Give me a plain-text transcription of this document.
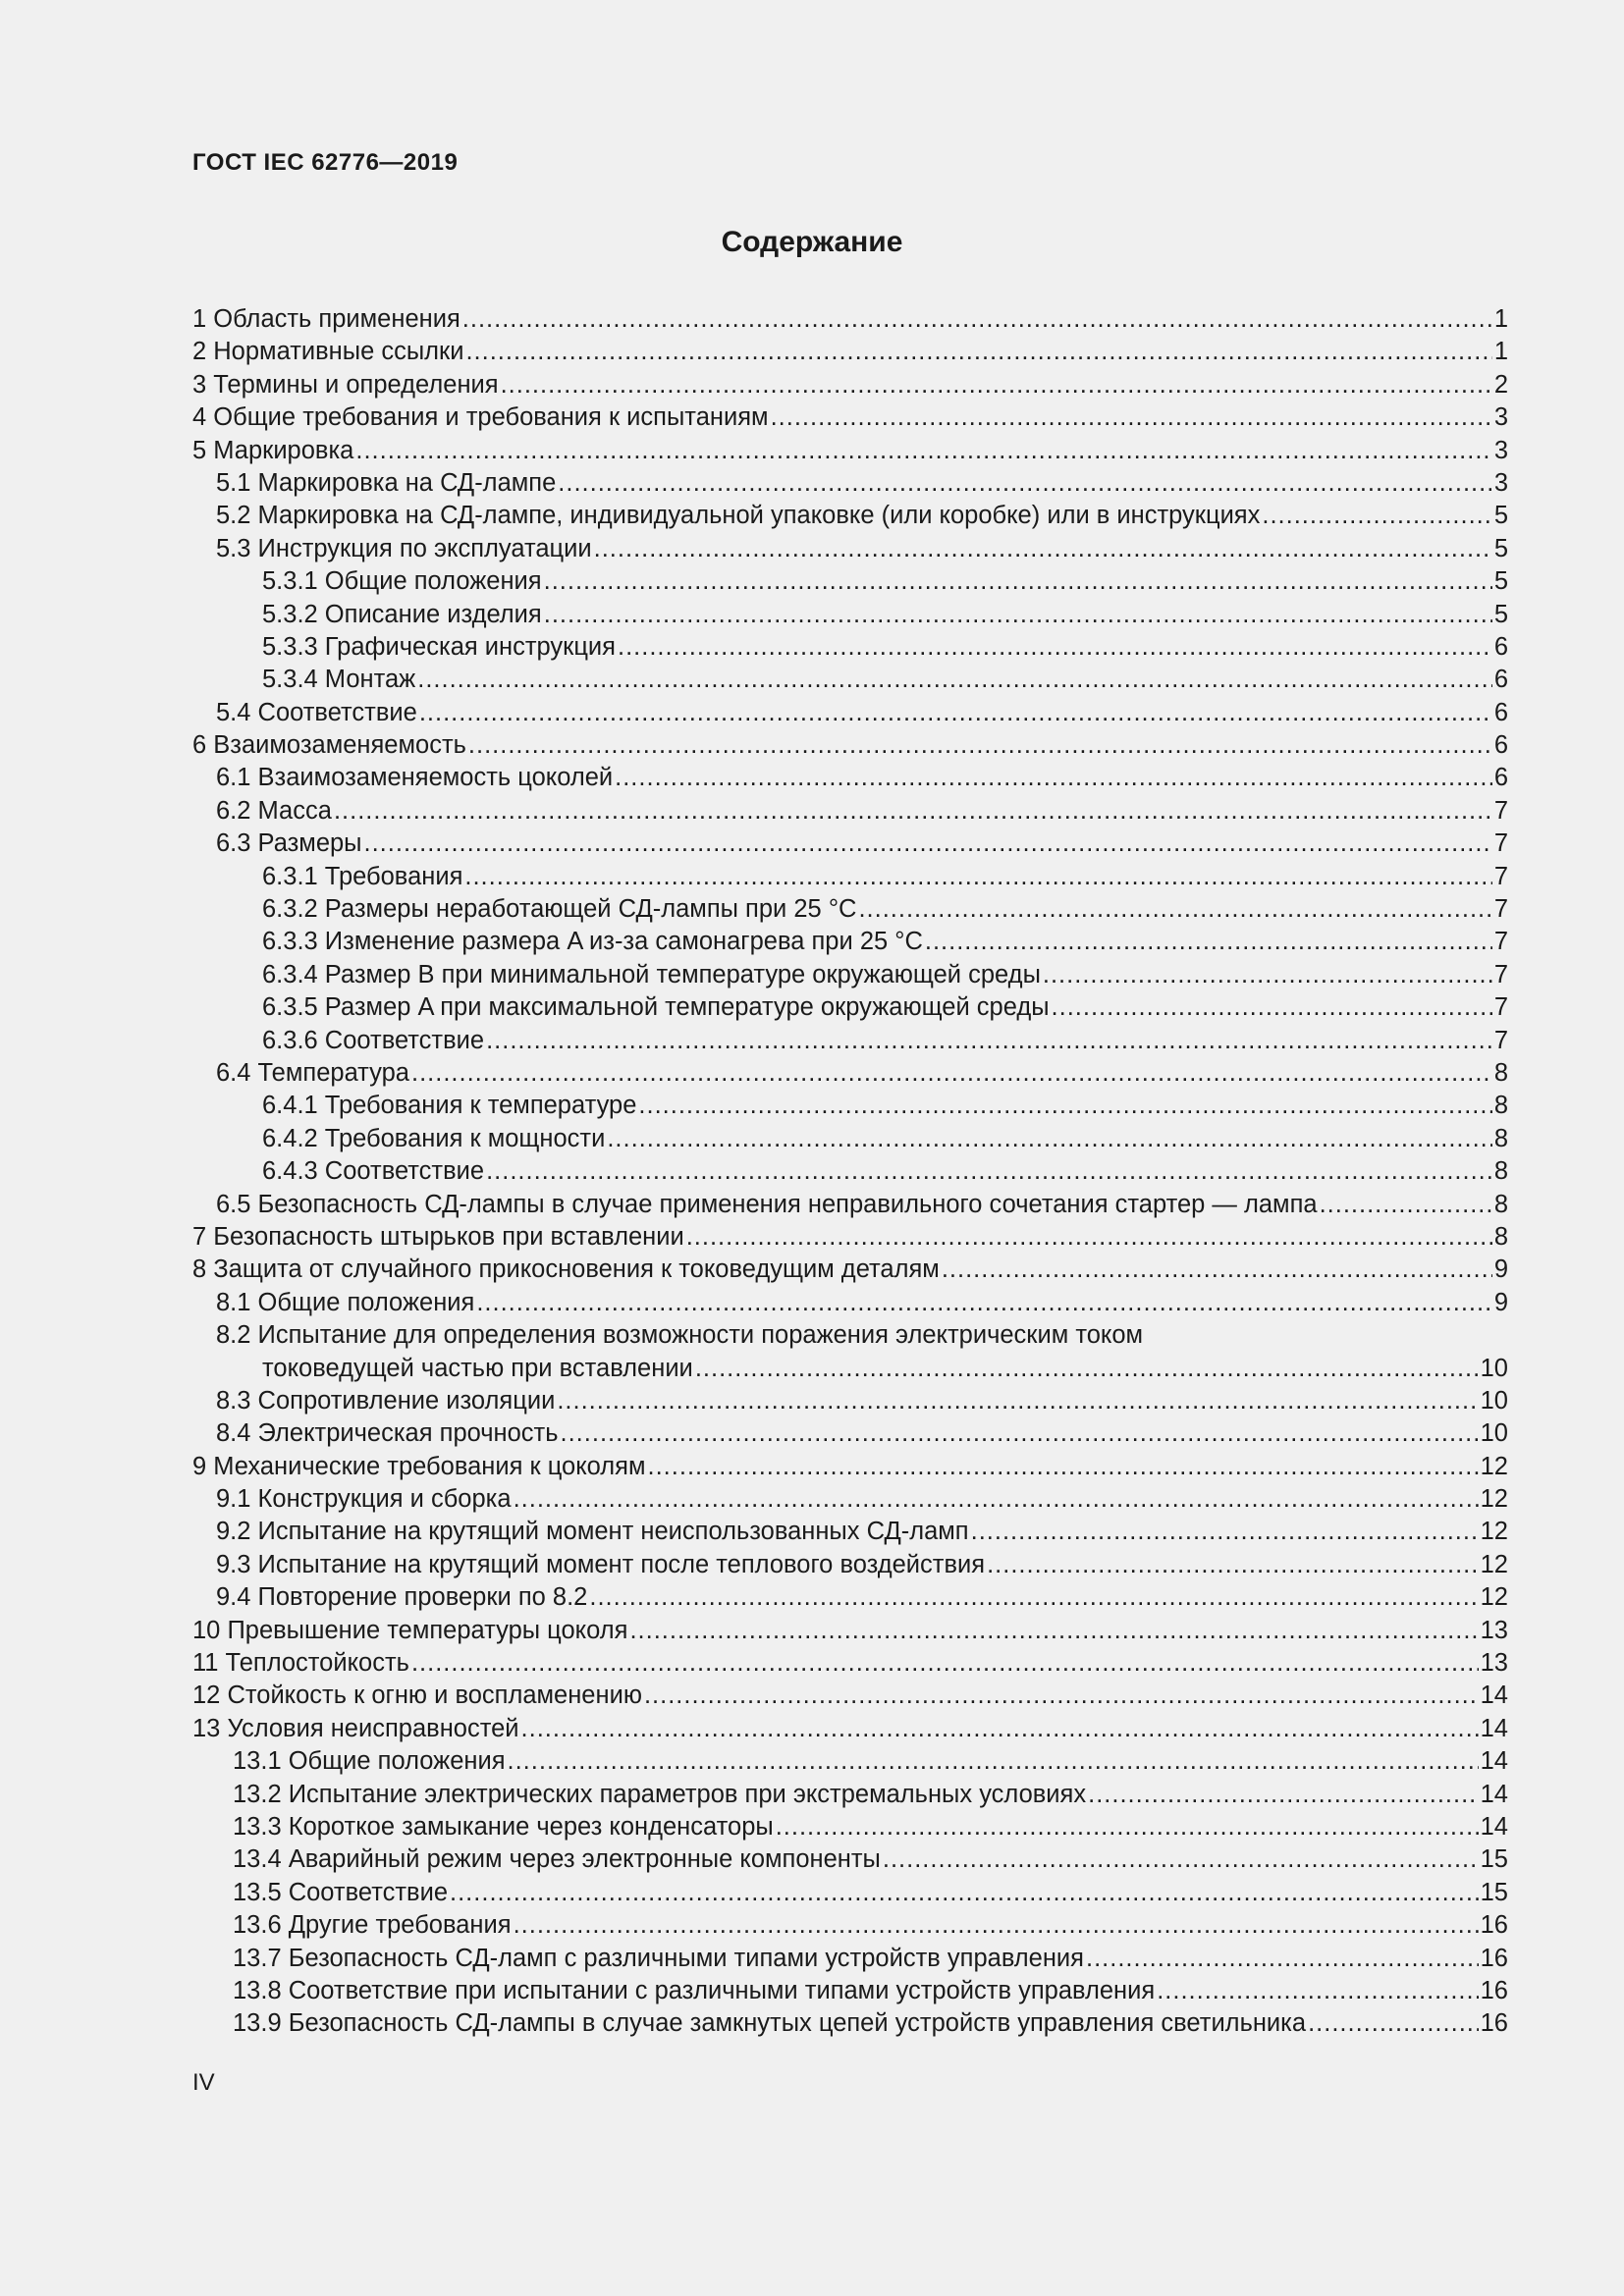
ГОСТ IEC 62776—2019
Содержание
1 Область применения .....	1
2 Нормативные ссылки .....	1
3 Термины и определения .....	2
4 Общие требования и требования к испытаниям .....	3
5 Маркировка .....	3
5.1 Маркировка на СД-лампе .....	3
5.2 Маркировка на СД-лампе, индивидуальной упаковке (или коробке) или в инструкциях .....	5
5.3 Инструкция по эксплуатации .....	5
5.3.1 Общие положения .....	5
5.3.2 Описание изделия .....	5
5.3.3 Графическая инструкция .....	6
5.3.4 Монтаж .....	6
5.4 Соответствие .....	6
6 Взаимозаменяемость .....	6
6.1 Взаимозаменяемость цоколей .....	6
6.2 Масса .....	7
6.3 Размеры .....	7
6.3.1 Требования .....	7
6.3.2 Размеры неработающей СД-лампы при 25 °С .....	7
6.3.3 Изменение размера A из-за самонагрева при 25 °С .....	7
6.3.4 Размер B при минимальной температуре окружающей среды .....	7
6.3.5 Размер A при максимальной температуре окружающей среды .....	7
6.3.6 Соответствие .....	7
6.4 Температура .....	8
6.4.1 Требования к температуре .....	8
6.4.2 Требования к мощности .....	8
6.4.3 Соответствие .....	8
6.5 Безопасность СД-лампы в случае применения неправильного сочетания стартер — лампа .....	8
7 Безопасность штырьков при вставлении .....	8
8 Защита от случайного прикосновения к токоведущим деталям .....	9
8.1 Общие положения .....	9
8.2 Испытание для определения возможности поражения электрическим током
токоведущей частью при вставлении .....	10
8.3 Сопротивление изоляции .....	10
8.4 Электрическая прочность .....	10
9 Механические требования к цоколям .....	12
9.1 Конструкция и сборка .....	12
9.2 Испытание на крутящий момент неиспользованных СД-ламп .....	12
9.3 Испытание на крутящий момент после теплового воздействия .....	12
9.4 Повторение проверки по 8.2 .....	12
10 Превышение температуры цоколя .....	13
11 Теплостойкость .....	13
12 Стойкость к огню и воспламенению .....	14
13 Условия неисправностей .....	14
13.1 Общие положения .....	14
13.2 Испытание электрических параметров при экстремальных условиях .....	14
13.3 Короткое замыкание через конденсаторы .....	14
13.4 Аварийный режим через электронные компоненты .....	15
13.5 Соответствие .....	15
13.6 Другие требования .....	16
13.7 Безопасность СД-ламп с различными типами устройств управления .....	16
13.8 Соответствие при испытании с различными типами устройств управления .....	16
13.9 Безопасность СД-лампы в случае замкнутых цепей устройств управления светильника .....	16
IV
